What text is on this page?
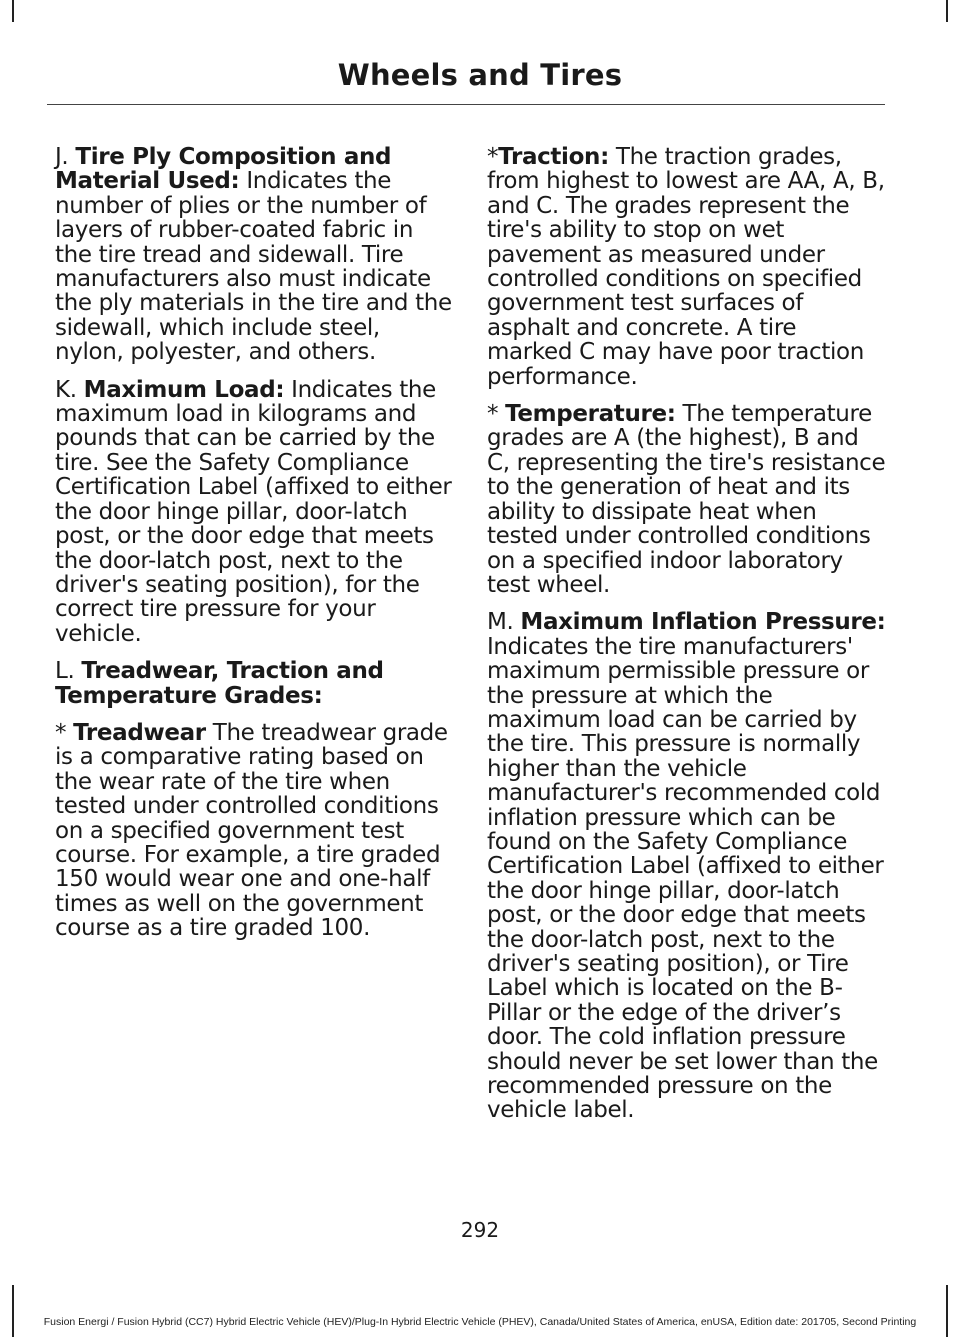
Wheels and Tires

J. Tire Ply Composition and Material Used: Indicates the number of plies or the number of layers of rubber-coated fabric in the tire tread and sidewall. Tire manufacturers also must indicate the ply materials in the tire and the sidewall, which include steel, nylon, polyester, and others.

K. Maximum Load: Indicates the maximum load in kilograms and pounds that can be carried by the tire. See the Safety Compliance Certification Label (affixed to either the door hinge pillar, door-latch post, or the door edge that meets the door-latch post, next to the driver's seating position), for the correct tire pressure for your vehicle.

L. Treadwear, Traction and Temperature Grades:

* Treadwear The treadwear grade is a comparative rating based on the wear rate of the tire when tested under controlled conditions on a specified government test course. For example, a tire graded 150 would wear one and one-half times as well on the government course as a tire graded 100.

*Traction: The traction grades, from highest to lowest are AA, A, B, and C. The grades represent the tire's ability to stop on wet pavement as measured under controlled conditions on specified government test surfaces of asphalt and concrete. A tire marked C may have poor traction performance.

* Temperature: The temperature grades are A (the highest), B and C, representing the tire's resistance to the generation of heat and its ability to dissipate heat when tested under controlled conditions on a specified indoor laboratory test wheel.

M. Maximum Inflation Pressure: Indicates the tire manufacturers' maximum permissible pressure or the pressure at which the maximum load can be carried by the tire. This pressure is normally higher than the vehicle manufacturer's recommended cold inflation pressure which can be found on the Safety Compliance Certification Label (affixed to either the door hinge pillar, door-latch post, or the door edge that meets the door-latch post, next to the driver's seating position), or Tire Label which is located on the B-Pillar or the edge of the driver’s door. The cold inflation pressure should never be set lower than the recommended pressure on the vehicle label.

292
Fusion Energi / Fusion Hybrid (CC7) Hybrid Electric Vehicle (HEV)/Plug-In Hybrid Electric Vehicle (PHEV), Canada/United States of America, enUSA, Edition date: 201705, Second Printing
